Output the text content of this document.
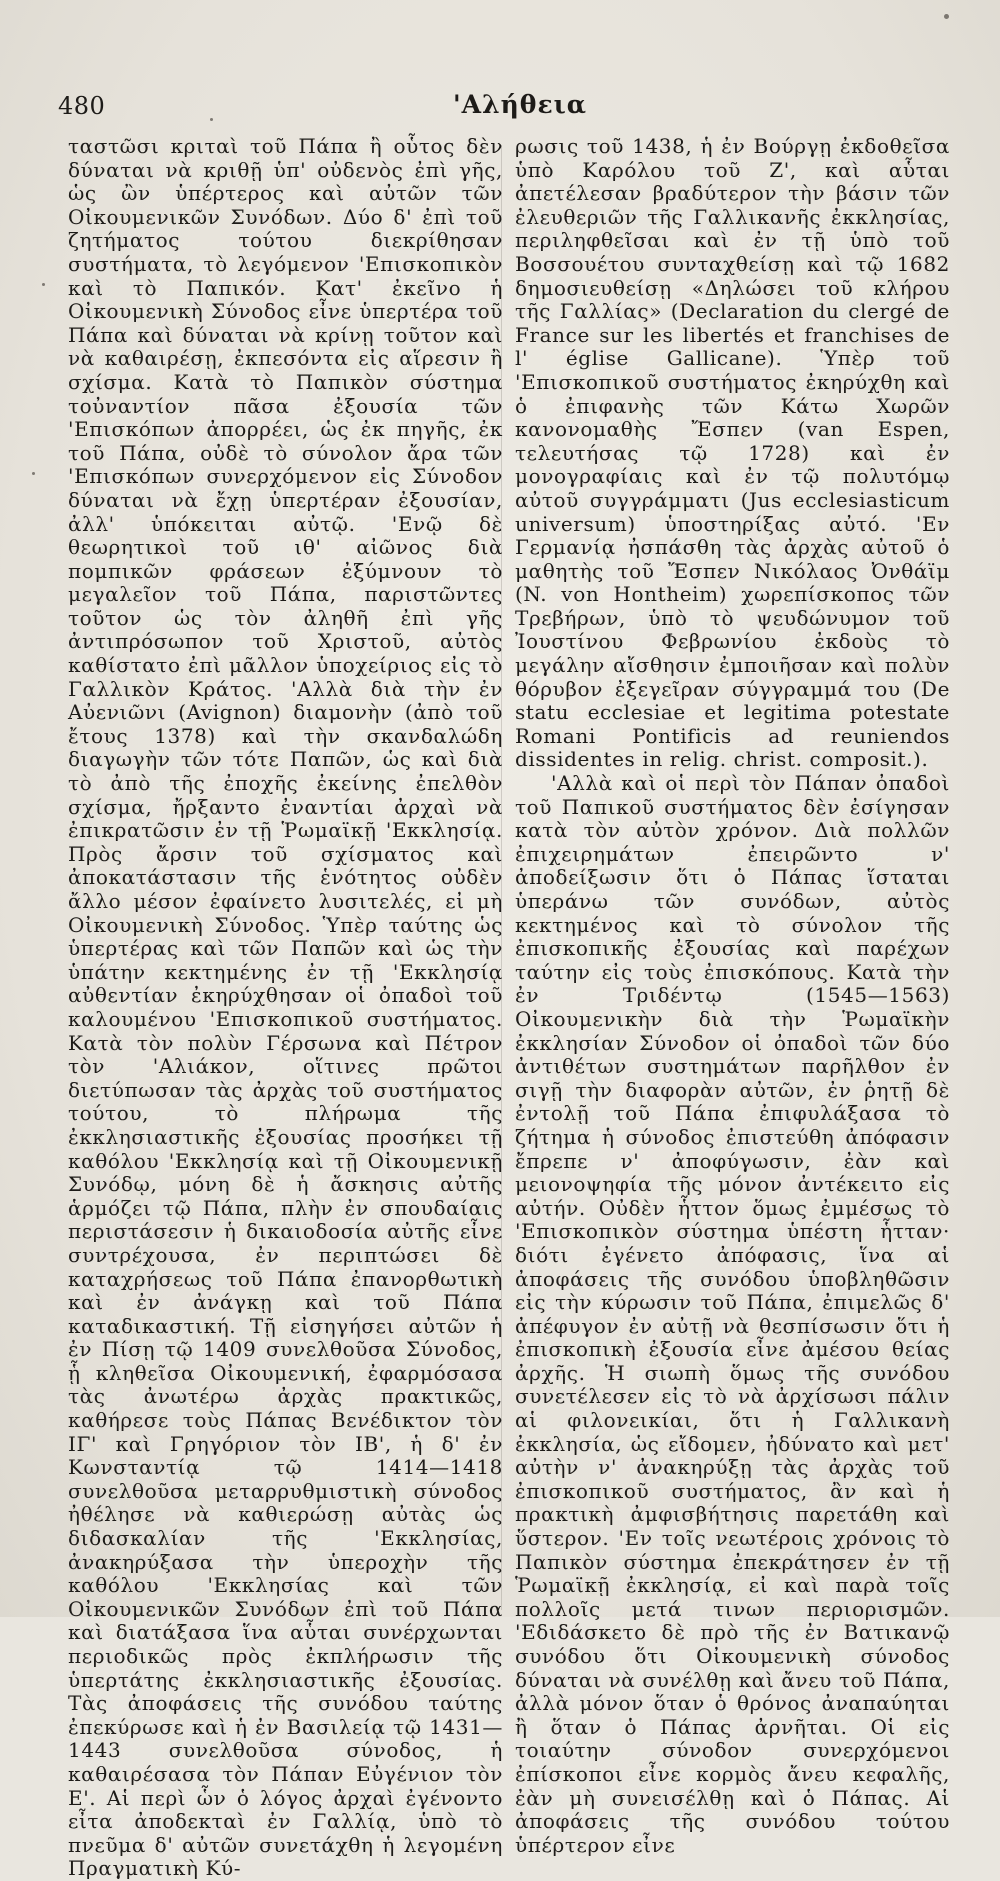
480	'Αλήθεια

ταστῶσι κριταὶ τοῦ Πάπα ἢ οὗτος δὲν δύναται νὰ κριθῇ ὑπ' οὐδενὸς ἐπὶ γῆς, ὡς ὢν ὑπέρτερος καὶ αὐτῶν τῶν Οἰκουμενικῶν Συνόδων. Δύο δ' ἐπὶ τοῦ ζητήματος τούτου διεκρίθησαν συστήματα, τὸ λεγόμενον 'Επισκοπικὸν καὶ τὸ Παπικόν. Κατ' ἐκεῖνο ἡ Οἰκουμενικὴ Σύνοδος εἶνε ὑπερτέρα τοῦ Πάπα καὶ δύναται νὰ κρίνῃ τοῦτον καὶ νὰ καθαιρέσῃ, ἐκπεσόντα εἰς αἵρεσιν ἢ σχίσμα. Κατὰ τὸ Παπικὸν σύστημα τοὐναντίον πᾶσα ἐξουσία τῶν 'Επισκόπων ἀπορρέει, ὡς ἐκ πηγῆς, ἐκ τοῦ Πάπα, οὐδὲ τὸ σύνολον ἄρα τῶν 'Επισκόπων συνερχόμενον εἰς Σύνοδον δύναται νὰ ἔχῃ ὑπερτέραν ἐξουσίαν, ἀλλ' ὑπόκειται αὐτῷ. 'Ενῷ δὲ θεωρητικοὶ τοῦ ιθ' αἰῶνος διὰ πομπικῶν φράσεων ἐξύμνουν τὸ μεγαλεῖον τοῦ Πάπα, παριστῶντες τοῦτον ὡς τὸν ἀληθῆ ἐπὶ γῆς ἀντιπρόσωπον τοῦ Χριστοῦ, αὐτὸς καθίστατο ἐπὶ μᾶλλον ὑποχείριος εἰς τὸ Γαλλικὸν Κράτος. 'Αλλὰ διὰ τὴν ἐν Αὐενιῶνι (Avignon) διαμονὴν (ἀπὸ τοῦ ἔτους 1378) καὶ τὴν σκανδαλώδη διαγωγὴν τῶν τότε Παπῶν, ὡς καὶ διὰ τὸ ἀπὸ τῆς ἐποχῆς ἐκείνης ἐπελθὸν σχίσμα, ἤρξαντο ἐναντίαι ἀρχαὶ νὰ ἐπικρατῶσιν ἐν τῇ Ῥωμαϊκῇ 'Εκκλησίᾳ. Πρὸς ἄρσιν τοῦ σχίσματος καὶ ἀποκατάστασιν τῆς ἑνότητος οὐδὲν ἄλλο μέσον ἐφαίνετο λυσιτελές, εἰ μὴ Οἰκουμενικὴ Σύνοδος. Ὑπὲρ ταύτης ὡς ὑπερτέρας καὶ τῶν Παπῶν καὶ ὡς τὴν ὑπάτην κεκτημένης ἐν τῇ 'Εκκλησίᾳ αὐθεντίαν ἐκηρύχθησαν οἱ ὀπαδοὶ τοῦ καλουμένου 'Επισκοπικοῦ συστήματος. Κατὰ τὸν πολὺν Γέρσωνα καὶ Πέτρον τὸν 'Αλιάκον, οἵτινες πρῶτοι διετύπωσαν τὰς ἀρχὰς τοῦ συστήματος τούτου, τὸ πλήρωμα τῆς ἐκκλησιαστικῆς ἐξουσίας προσήκει τῇ καθόλου 'Εκκλησίᾳ καὶ τῇ Οἰκουμενικῇ Συνόδῳ, μόνη δὲ ἡ ἄσκησις αὐτῆς ἁρμόζει τῷ Πάπα, πλὴν ἐν σπουδαίαις περιστάσεσιν ἡ δικαιοδοσία αὐτῆς εἶνε συντρέχουσα, ἐν περιπτώσει δὲ καταχρήσεως τοῦ Πάπα ἐπανορθωτικὴ καὶ ἐν ἀνάγκῃ καὶ τοῦ Πάπα καταδικαστική. Τῇ εἰσηγήσει αὐτῶν ἡ ἐν Πίσῃ τῷ 1409 συνελθοῦσα Σύνοδος, ᾗ κληθεῖσα Οἰκουμενική, ἐφαρμόσασα τὰς ἀνωτέρω ἀρχὰς πρακτικῶς, καθήρεσε τοὺς Πάπας Βενέδικτον τὸν ΙΓ' καὶ Γρηγόριον τὸν ΙΒ', ἡ δ' ἐν Κωνσταντίᾳ τῷ 1414—1418 συνελθοῦσα μεταρρυθμιστικὴ σύνοδος ἠθέλησε νὰ καθιερώσῃ αὐτὰς ὡς διδασκαλίαν τῆς 'Εκκλησίας, ἀνακηρύξασα τὴν ὑπεροχὴν τῆς καθόλου 'Εκκλησίας καὶ τῶν Οἰκουμενικῶν Συνόδων ἐπὶ τοῦ Πάπα καὶ διατάξασα ἵνα αὗται συνέρχωνται περιοδικῶς πρὸς ἐκπλήρωσιν τῆς ὑπερτάτης ἐκκλησιαστικῆς ἐξουσίας. Τὰς ἀποφάσεις τῆς συνόδου ταύτης ἐπεκύρωσε καὶ ἡ ἐν Βασιλείᾳ τῷ 1431—1443 συνελθοῦσα σύνοδος, ἡ καθαιρέσασα τὸν Πάπαν Εὐγένιον τὸν Ε'. Αἱ περὶ ὧν ὁ λόγος ἀρχαὶ ἐγένοντο εἶτα ἀποδεκταὶ ἐν Γαλλίᾳ, ὑπὸ τὸ πνεῦμα δ' αὐτῶν συνετάχθη ἡ λεγομένη Πραγματικὴ Κύ-

ρωσις τοῦ 1438, ἡ ἐν Βούργῃ ἐκδοθεῖσα ὑπὸ Καρόλου τοῦ Ζ', καὶ αὗται ἀπετέλεσαν βραδύτερον τὴν βάσιν τῶν ἐλευθεριῶν τῆς Γαλλικανῆς ἐκκλησίας, περιληφθεῖσαι καὶ ἐν τῇ ὑπὸ τοῦ Βοσσουέτου συνταχθείσῃ καὶ τῷ 1682 δημοσιευθείσῃ «Δηλώσει τοῦ κλήρου τῆς Γαλλίας» (Declaration du clergé de France sur les libertés et franchises de l' église Gallicane). Ὑπὲρ τοῦ 'Επισκοπικοῦ συστήματος ἐκηρύχθη καὶ ὁ ἐπιφανὴς τῶν Κάτω Χωρῶν κανονομαθὴς Ἔσπεν (van Espen, τελευτήσας τῷ 1728) καὶ ἐν μονογραφίαις καὶ ἐν τῷ πολυτόμῳ αὐτοῦ συγγράμματι (Jus ecclesiasticum universum) ὑποστηρίξας αὐτό. 'Εν Γερμανίᾳ ἠσπάσθη τὰς ἀρχὰς αὐτοῦ ὁ μαθητὴς τοῦ Ἔσπεν Νικόλαος Ὀνθάϊμ (N. von Hontheim) χωρεπίσκοπος τῶν Τρεβήρων, ὑπὸ τὸ ψευδώνυμον τοῦ Ἰουστίνου Φεβρωνίου ἐκδοὺς τὸ μεγάλην αἴσθησιν ἐμποιῆσαν καὶ πολὺν θόρυβον ἐξεγεῖραν σύγγραμμά του (De statu ecclesiae et legitima potestate Romani Pontificis ad reuniendos dissidentes in relig. christ. composit.).

'Αλλὰ καὶ οἱ περὶ τὸν Πάπαν ὀπαδοὶ τοῦ Παπικοῦ συστήματος δὲν ἐσίγησαν κατὰ τὸν αὐτὸν χρόνον. Διὰ πολλῶν ἐπιχειρημάτων ἐπειρῶντο ν' ἀποδείξωσιν ὅτι ὁ Πάπας ἵσταται ὑπεράνω τῶν συνόδων, αὐτὸς κεκτημένος καὶ τὸ σύνολον τῆς ἐπισκοπικῆς ἐξουσίας καὶ παρέχων ταύτην εἰς τοὺς ἐπισκόπους. Κατὰ τὴν ἐν Τριδέντῳ (1545—1563) Οἰκουμενικὴν διὰ τὴν Ῥωμαϊκὴν ἐκκλησίαν Σύνοδον οἱ ὀπαδοὶ τῶν δύο ἀντιθέτων συστημάτων παρῆλθον ἐν σιγῇ τὴν διαφορὰν αὐτῶν, ἐν ῥητῇ δὲ ἐντολῇ τοῦ Πάπα ἐπιφυλάξασα τὸ ζήτημα ἡ σύνοδος ἐπιστεύθη ἀπόφασιν ἔπρεπε ν' ἀποφύγωσιν, ἐὰν καὶ μειονοψηφία τῆς μόνον ἀντέκειτο εἰς αὐτήν. Οὐδὲν ἧττον ὅμως ἐμμέσως τὸ 'Επισκοπικὸν σύστημα ὑπέστη ἧτταν· διότι ἐγένετο ἀπόφασις, ἵνα αἱ ἀποφάσεις τῆς συνόδου ὑποβληθῶσιν εἰς τὴν κύρωσιν τοῦ Πάπα, ἐπιμελῶς δ' ἀπέφυγον ἐν αὐτῇ νὰ θεσπίσωσιν ὅτι ἡ ἐπισκοπικὴ ἐξουσία εἶνε ἀμέσου θείας ἀρχῆς. Ἡ σιωπὴ ὅμως τῆς συνόδου συνετέλεσεν εἰς τὸ νὰ ἀρχίσωσι πάλιν αἱ φιλονεικίαι, ὅτι ἡ Γαλλικανὴ ἐκκλησία, ὡς εἴδομεν, ἠδύνατο καὶ μετ' αὐτὴν ν' ἀνακηρύξῃ τὰς ἀρχὰς τοῦ ἐπισκοπικοῦ συστήματος, ἂν καὶ ἡ πρακτικὴ ἀμφισβήτησις παρετάθη καὶ ὕστερον. 'Εν τοῖς νεωτέροις χρόνοις τὸ Παπικὸν σύστημα ἐπεκράτησεν ἐν τῇ Ῥωμαϊκῇ ἐκκλησίᾳ, εἰ καὶ παρὰ τοῖς πολλοῖς μετά τινων περιορισμῶν. 'Εδιδάσκετο δὲ πρὸ τῆς ἐν Βατικανῷ συνόδου ὅτι Οἰκουμενικὴ σύνοδος δύναται νὰ συνέλθῃ καὶ ἄνευ τοῦ Πάπα, ἀλλὰ μόνον ὅταν ὁ θρόνος ἀναπαύηται ἢ ὅταν ὁ Πάπας ἀρνῆται. Οἱ εἰς τοιαύτην σύνοδον συνερχόμενοι ἐπίσκοποι εἶνε κορμὸς ἄνευ κεφαλῆς, ἐὰν μὴ συνεισέλθῃ καὶ ὁ Πάπας. Αἱ ἀποφάσεις τῆς συνόδου τούτου ὑπέρτερον εἶνε
